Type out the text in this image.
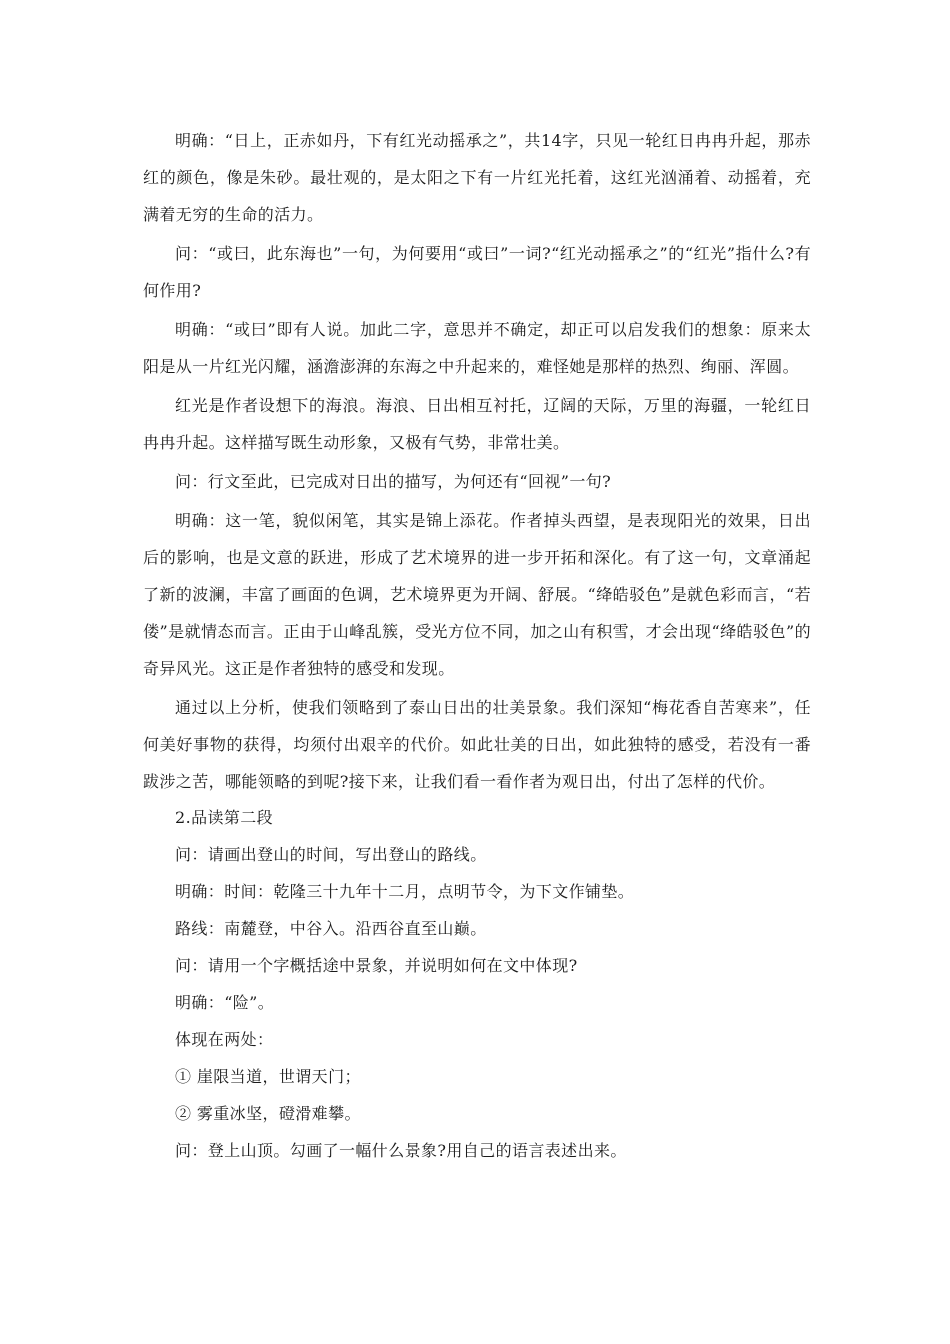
明确：“日上，正赤如丹，下有红光动摇承之”，共14字，只见一轮红日冉冉升起，那赤红的颜色，像是朱砂。最壮观的，是太阳之下有一片红光托着，这红光汹涌着、动摇着，充满着无穷的生命的活力。

问：“或曰，此东海也”一句，为何要用“或曰”一词?“红光动摇承之”的“红光”指什么?有何作用?

明确：“或曰”即有人说。加此二字，意思并不确定，却正可以启发我们的想象：原来太阳是从一片红光闪耀，涵澹澎湃的东海之中升起来的，难怪她是那样的热烈、绚丽、浑圆。

红光是作者设想下的海浪。海浪、日出相互衬托，辽阔的天际，万里的海疆，一轮红日冉冉升起。这样描写既生动形象，又极有气势，非常壮美。

问：行文至此，已完成对日出的描写，为何还有“回视”一句?

明确：这一笔，貌似闲笔，其实是锦上添花。作者掉头西望，是表现阳光的效果，日出后的影响，也是文意的跃进，形成了艺术境界的进一步开拓和深化。有了这一句，文章涌起了新的波澜，丰富了画面的色调，艺术境界更为开阔、舒展。“绛皓驳色”是就色彩而言，“若偻”是就情态而言。正由于山峰乱簇，受光方位不同，加之山有积雪，才会出现“绛皓驳色”的奇异风光。这正是作者独特的感受和发现。

通过以上分析，使我们领略到了泰山日出的壮美景象。我们深知“梅花香自苦寒来”，任何美好事物的获得，均须付出艰辛的代价。如此壮美的日出，如此独特的感受，若没有一番跋涉之苦，哪能领略的到呢?接下来，让我们看一看作者为观日出，付出了怎样的代价。

2.品读第二段

问：请画出登山的时间，写出登山的路线。

明确：时间：乾隆三十九年十二月，点明节令，为下文作铺垫。

路线：南麓登，中谷入。沿西谷直至山巅。

问：请用一个字概括途中景象，并说明如何在文中体现?

明确：“险”。

体现在两处：

① 崖限当道，世谓天门；

② 雾重冰坚，磴滑难攀。

问：登上山顶。勾画了一幅什么景象?用自己的语言表述出来。
